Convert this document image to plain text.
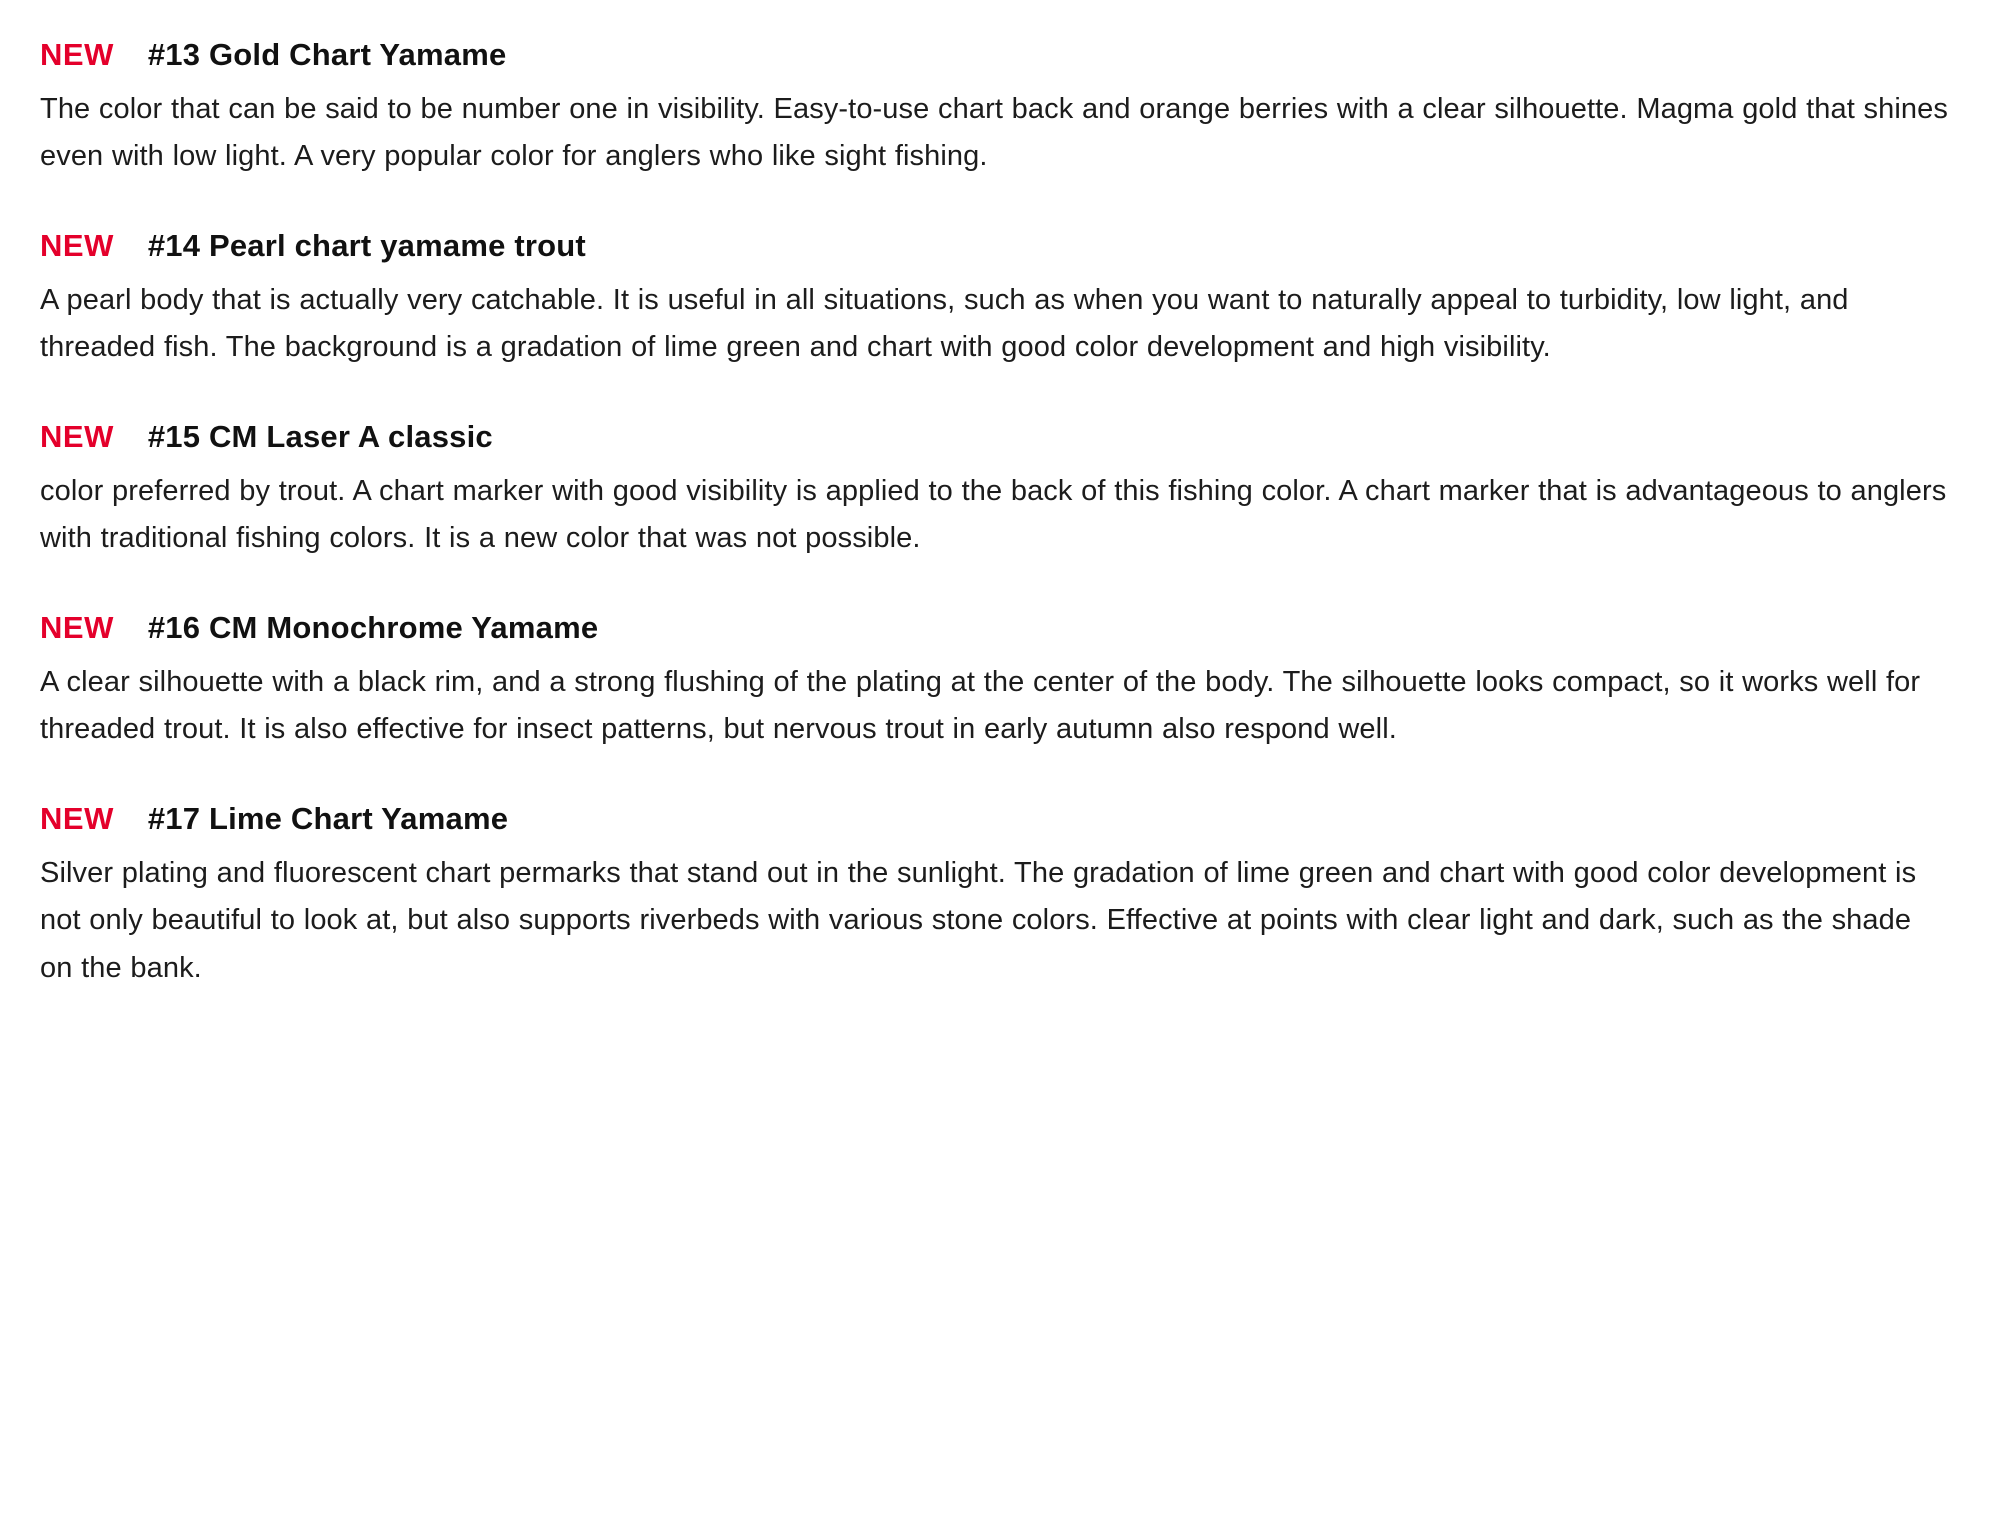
NEW #13 Gold Chart Yamame

The color that can be said to be number one in visibility. Easy-to-use chart back and orange berries with a clear silhouette. Magma gold that shines even with low light. A very popular color for anglers who like sight fishing.

NEW #14 Pearl chart yamame trout

A pearl body that is actually very catchable. It is useful in all situations, such as when you want to naturally appeal to turbidity, low light, and threaded fish. The background is a gradation of lime green and chart with good color development and high visibility.

NEW #15 CM Laser A classic

color preferred by trout. A chart marker with good visibility is applied to the back of this fishing color. A chart marker that is advantageous to anglers with traditional fishing colors. It is a new color that was not possible.

NEW #16 CM Monochrome Yamame

A clear silhouette with a black rim, and a strong flushing of the plating at the center of the body. The silhouette looks compact, so it works well for threaded trout. It is also effective for insect patterns, but nervous trout in early autumn also respond well.

NEW #17 Lime Chart Yamame

Silver plating and fluorescent chart permarks that stand out in the sunlight. The gradation of lime green and chart with good color development is not only beautiful to look at, but also supports riverbeds with various stone colors. Effective at points with clear light and dark, such as the shade on the bank.
